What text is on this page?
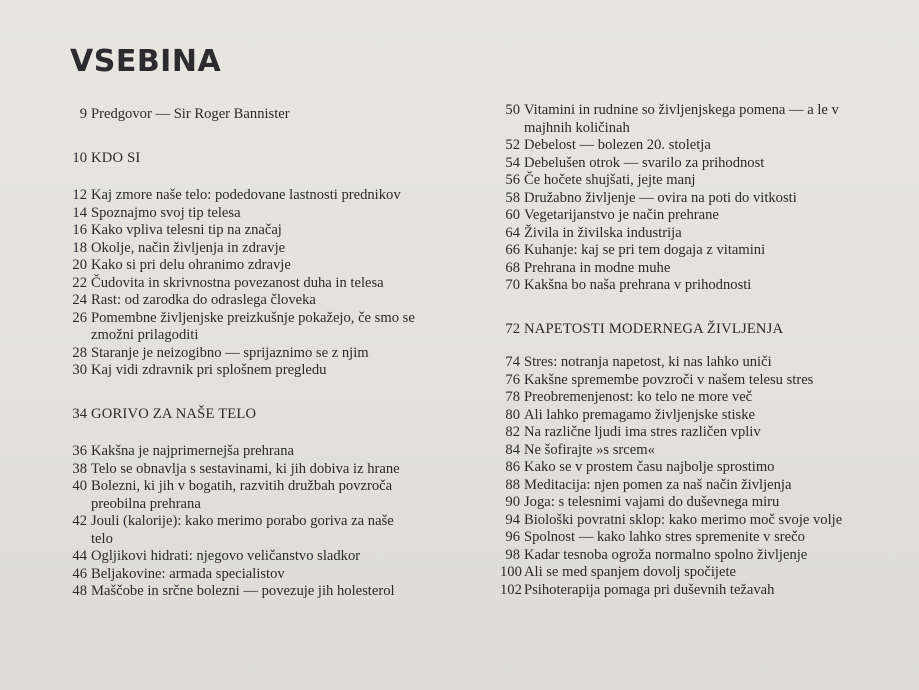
VSEBINA
9 Predgovor — Sir Roger Bannister
10 KDO SI
12 Kaj zmore naše telo: podedovane lastnosti prednikov
14 Spoznajmo svoj tip telesa
16 Kako vpliva telesni tip na značaj
18 Okolje, način življenja in zdravje
20 Kako si pri delu ohranimo zdravje
22 Čudovita in skrivnostna povezanost duha in telesa
24 Rast: od zarodka do odraslega človeka
26 Pomembne življenjske preizkušnje pokažejo, če smo se zmožni prilagoditi
28 Staranje je neizogibno — sprijaznimo se z njim
30 Kaj vidi zdravnik pri splošnem pregledu
34 GORIVO ZA NAŠE TELO
36 Kakšna je najprimernejša prehrana
38 Telo se obnavlja s sestavinami, ki jih dobiva iz hrane
40 Bolezni, ki jih v bogatih, razvitih družbah povzroča preobilna prehrana
42 Jouli (kalorije): kako merimo porabo goriva za naše telo
44 Ogljikovi hidrati: njegovo veličanstvo sladkor
46 Beljakovine: armada specialistov
48 Maščobe in srčne bolezni — povezuje jih holesterol
50 Vitamini in rudnine so življenjskega pomena — a le v majhnih količinah
52 Debelost — bolezen 20. stoletja
54 Debelušen otrok — svarilo za prihodnost
56 Če hočete shujšati, jejte manj
58 Družabno življenje — ovira na poti do vitkosti
60 Vegetarijanstvo je način prehrane
64 Živila in živilska industrija
66 Kuhanje: kaj se pri tem dogaja z vitamini
68 Prehrana in modne muhe
70 Kakšna bo naša prehrana v prihodnosti
72 NAPETOSTI MODERNEGA ŽIVLJENJA
74 Stres: notranja napetost, ki nas lahko uniči
76 Kakšne spremembe povzroči v našem telesu stres
78 Preobremenjenost: ko telo ne more več
80 Ali lahko premagamo življenjske stiske
82 Na različne ljudi ima stres različen vpliv
84 Ne šofirajte »s srcem«
86 Kako se v prostem času najbolje sprostimo
88 Meditacija: njen pomen za naš način življenja
90 Joga: s telesnimi vajami do duševnega miru
94 Biološki povratni sklop: kako merimo moč svoje volje
96 Spolnost — kako lahko stres spremenite v srečo
98 Kadar tesnoba ogroža normalno spolno življenje
100 Ali se med spanjem dovolj spočijete
102 Psihoterapija pomaga pri duševnih težavah
